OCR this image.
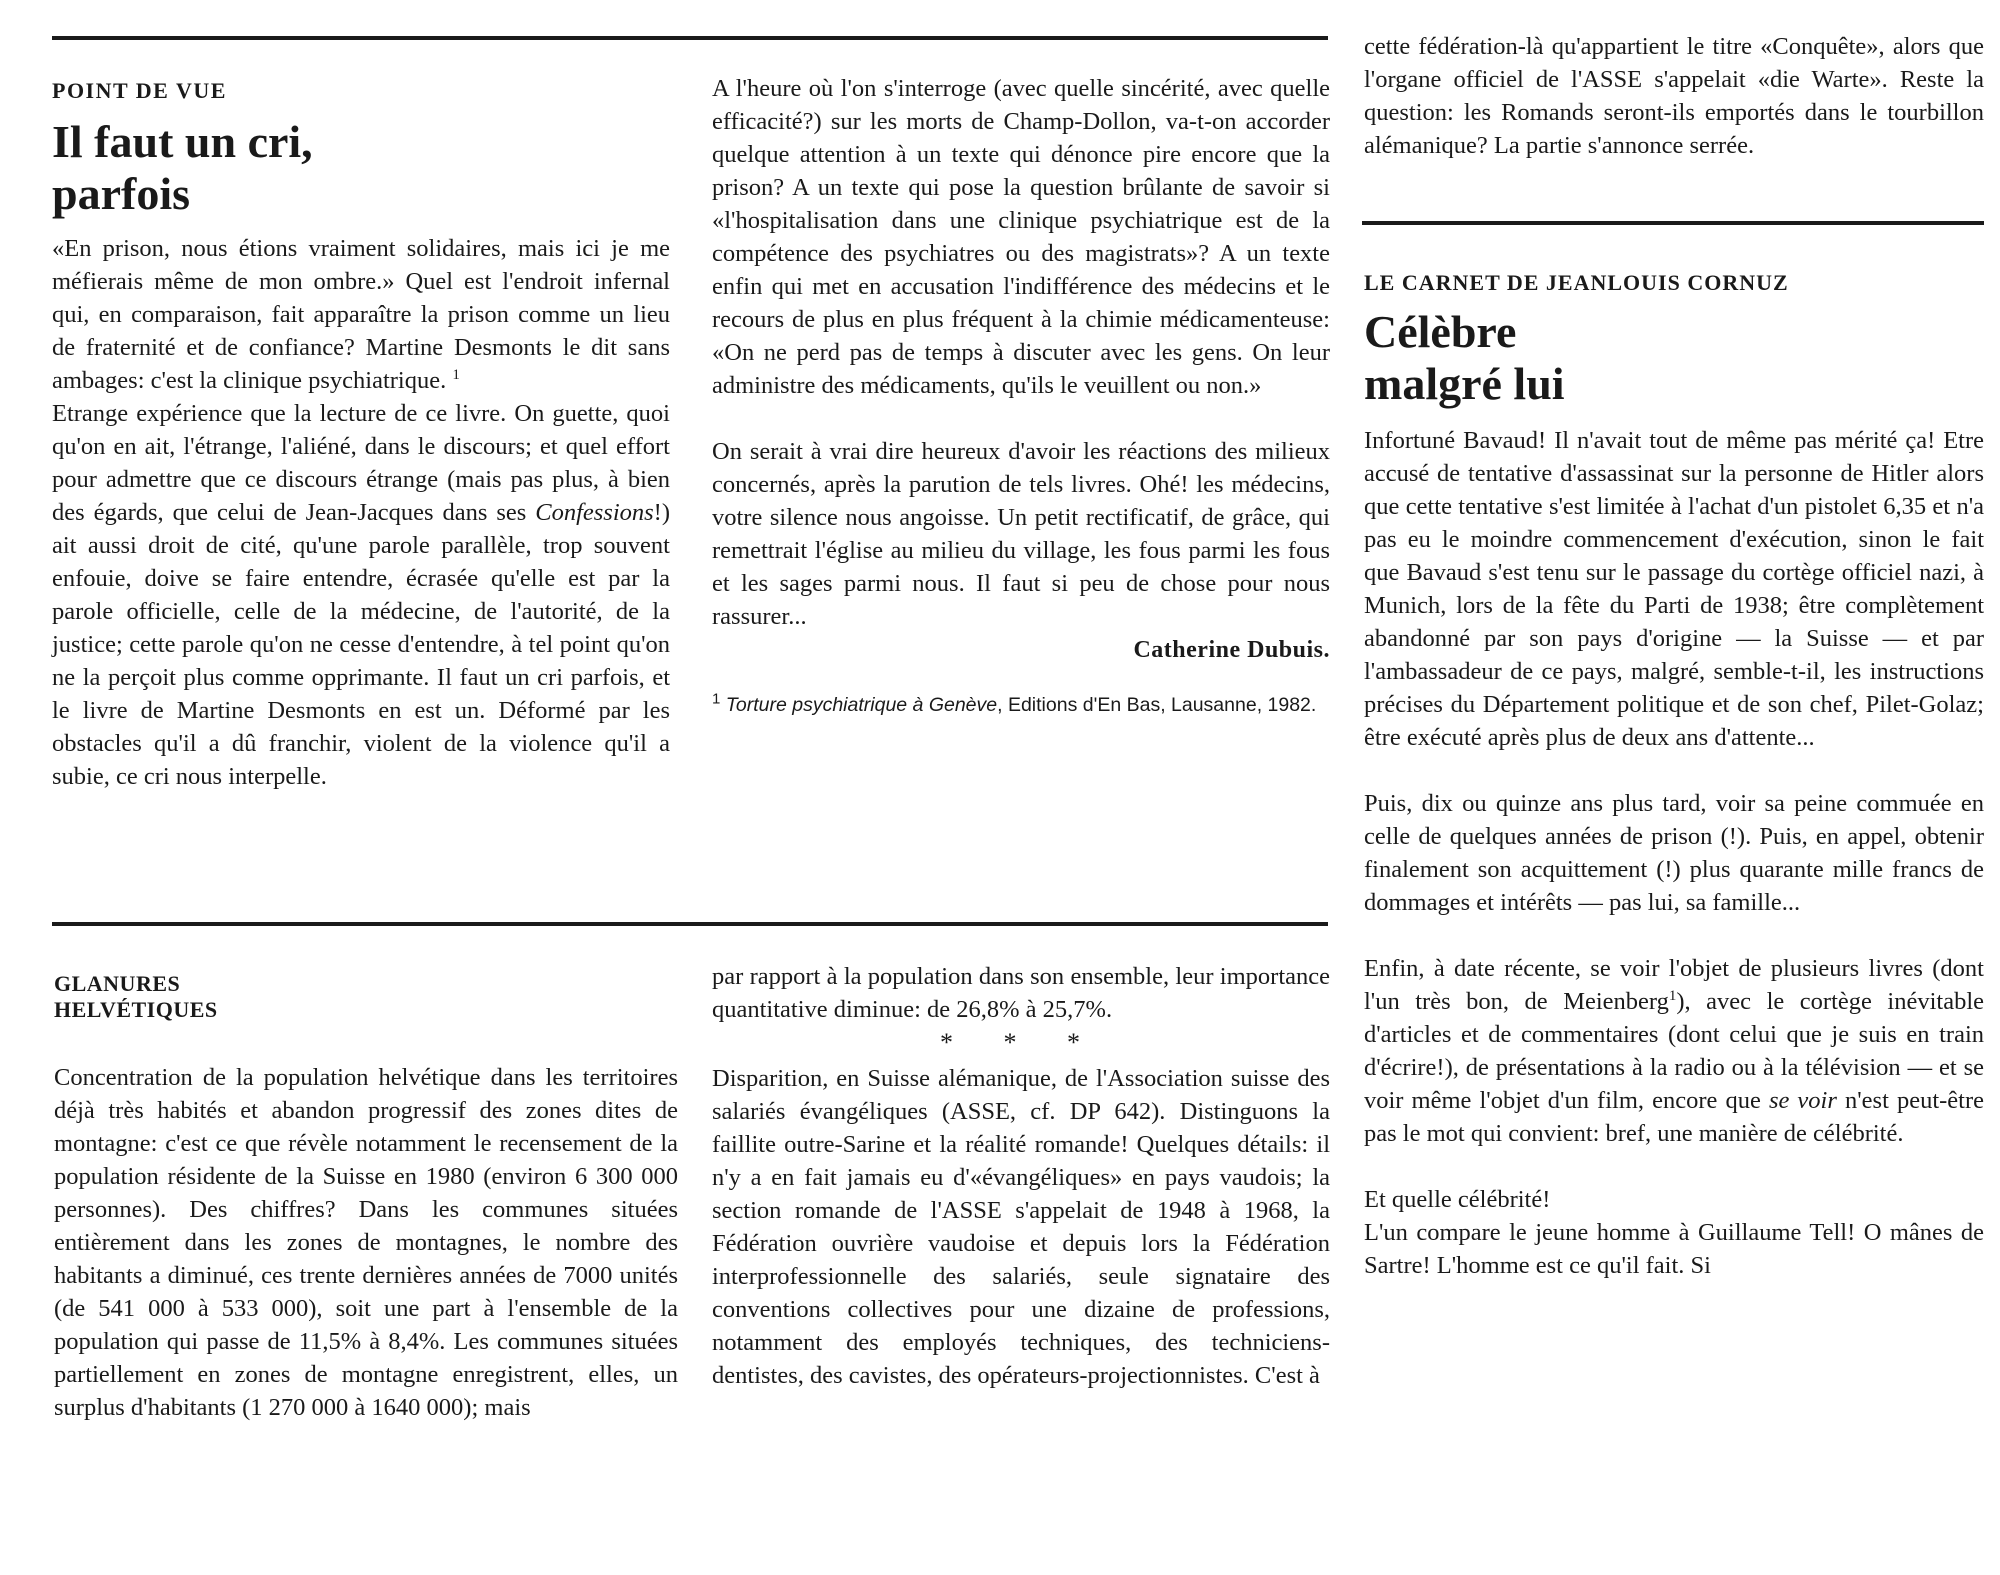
POINT DE VUE

Il faut un cri,
parfois

«En prison, nous étions vraiment solidaires, mais ici je me méfierais même de mon ombre.» Quel est l'endroit infernal qui, en comparaison, fait apparaître la prison comme un lieu de fraternité et de confiance? Martine Desmonts le dit sans ambages: c'est la clinique psychiatrique. $^1$

Etrange expérience que la lecture de ce livre. On guette, quoi qu'on en ait, l'étrange, l'aliéné, dans le discours; et quel effort pour admettre que ce discours étrange (mais pas plus, à bien des égards, que celui de Jean-Jacques dans ses Confessions!) ait aussi droit de cité, qu'une parole parallèle, trop souvent enfouie, doive se faire entendre, écrasée qu'elle est par la parole officielle, celle de la médecine, de l'autorité, de la justice; cette parole qu'on ne cesse d'entendre, à tel point qu'on ne la perçoit plus comme opprimante. Il faut un cri parfois, et le livre de Martine Desmonts en est un. Déformé par les obstacles qu'il a dû franchir, violent de la violence qu'il a subie, ce cri nous interpelle.

A l'heure où l'on s'interroge (avec quelle sincérité, avec quelle efficacité?) sur les morts de Champ-Dollon, va-t-on accorder quelque attention à un texte qui dénonce pire encore que la prison? A un texte qui pose la question brûlante de savoir si «l'hospitalisation dans une clinique psychiatrique est de la compétence des psychiatres ou des magistrats»? A un texte enfin qui met en accusation l'indifférence des médecins et le recours de plus en plus fréquent à la chimie médicamenteuse: «On ne perd pas de temps à discuter avec les gens. On leur administre des médicaments, qu'ils le veuillent ou non.»

On serait à vrai dire heureux d'avoir les réactions des milieux concernés, après la parution de tels livres. Ohé! les médecins, votre silence nous angoisse. Un petit rectificatif, de grâce, qui remettrait l'église au milieu du village, les fous parmi les fous et les sages parmi nous. Il faut si peu de chose pour nous rassurer...

Catherine Dubuis.

$^1$ Torture psychiatrique à Genève, Editions d'En Bas, Lausanne, 1982.

GLANURES
HELVÉTIQUES

Concentration de la population helvétique dans les territoires déjà très habités et abandon progressif des zones dites de montagne: c'est ce que révèle notamment le recensement de la population résidente de la Suisse en 1980 (environ 6 300 000 personnes). Des chiffres? Dans les communes situées entièrement dans les zones de montagnes, le nombre des habitants a diminué, ces trente dernières années de 7000 unités (de 541 000 à 533 000), soit une part à l'ensemble de la population qui passe de 11,5% à 8,4%. Les communes situées partiellement en zones de montagne enregistrent, elles, un surplus d'habitants (1 270 000 à 1640 000); mais

par rapport à la population dans son ensemble, leur importance quantitative diminue: de 26,8% à 25,7%.

* * *

Disparition, en Suisse alémanique, de l'Association suisse des salariés évangéliques (ASSE, cf. DP 642). Distinguons la faillite outre-Sarine et la réalité romande! Quelques détails: il n'y a en fait jamais eu d'«évangéliques» en pays vaudois; la section romande de l'ASSE s'appelait de 1948 à 1968, la Fédération ouvrière vaudoise et depuis lors la Fédération interprofessionnelle des salariés, seule signataire des conventions collectives pour une dizaine de professions, notamment des employés techniques, des techniciens-dentistes, des cavistes, des opérateurs-projectionnistes. C'est à

cette fédération-là qu'appartient le titre «Conquête», alors que l'organe officiel de l'ASSE s'appelait «die Warte». Reste la question: les Romands seront-ils emportés dans le tourbillon alémanique? La partie s'annonce serrée.

LE CARNET DE JEANLOUIS CORNUZ

Célèbre
malgré lui

Infortuné Bavaud! Il n'avait tout de même pas mérité ça! Etre accusé de tentative d'assassinat sur la personne de Hitler alors que cette tentative s'est limitée à l'achat d'un pistolet 6,35 et n'a pas eu le moindre commencement d'exécution, sinon le fait que Bavaud s'est tenu sur le passage du cortège officiel nazi, à Munich, lors de la fête du Parti de 1938; être complètement abandonné par son pays d'origine — la Suisse — et par l'ambassadeur de ce pays, malgré, semble-t-il, les instructions précises du Département politique et de son chef, Pilet-Golaz; être exécuté après plus de deux ans d'attente...

Puis, dix ou quinze ans plus tard, voir sa peine commuée en celle de quelques années de prison (!). Puis, en appel, obtenir finalement son acquittement (!) plus quarante mille francs de dommages et intérêts — pas lui, sa famille...

Enfin, à date récente, se voir l'objet de plusieurs livres (dont l'un très bon, de Meienberg$^1$), avec le cortège inévitable d'articles et de commentaires (dont celui que je suis en train d'écrire!), de présentations à la radio ou à la télévision — et se voir même l'objet d'un film, encore que se voir n'est peut-être pas le mot qui convient: bref, une manière de célébrité.

Et quelle célébrité!
L'un compare le jeune homme à Guillaume Tell! O mânes de Sartre! L'homme est ce qu'il fait. Si
